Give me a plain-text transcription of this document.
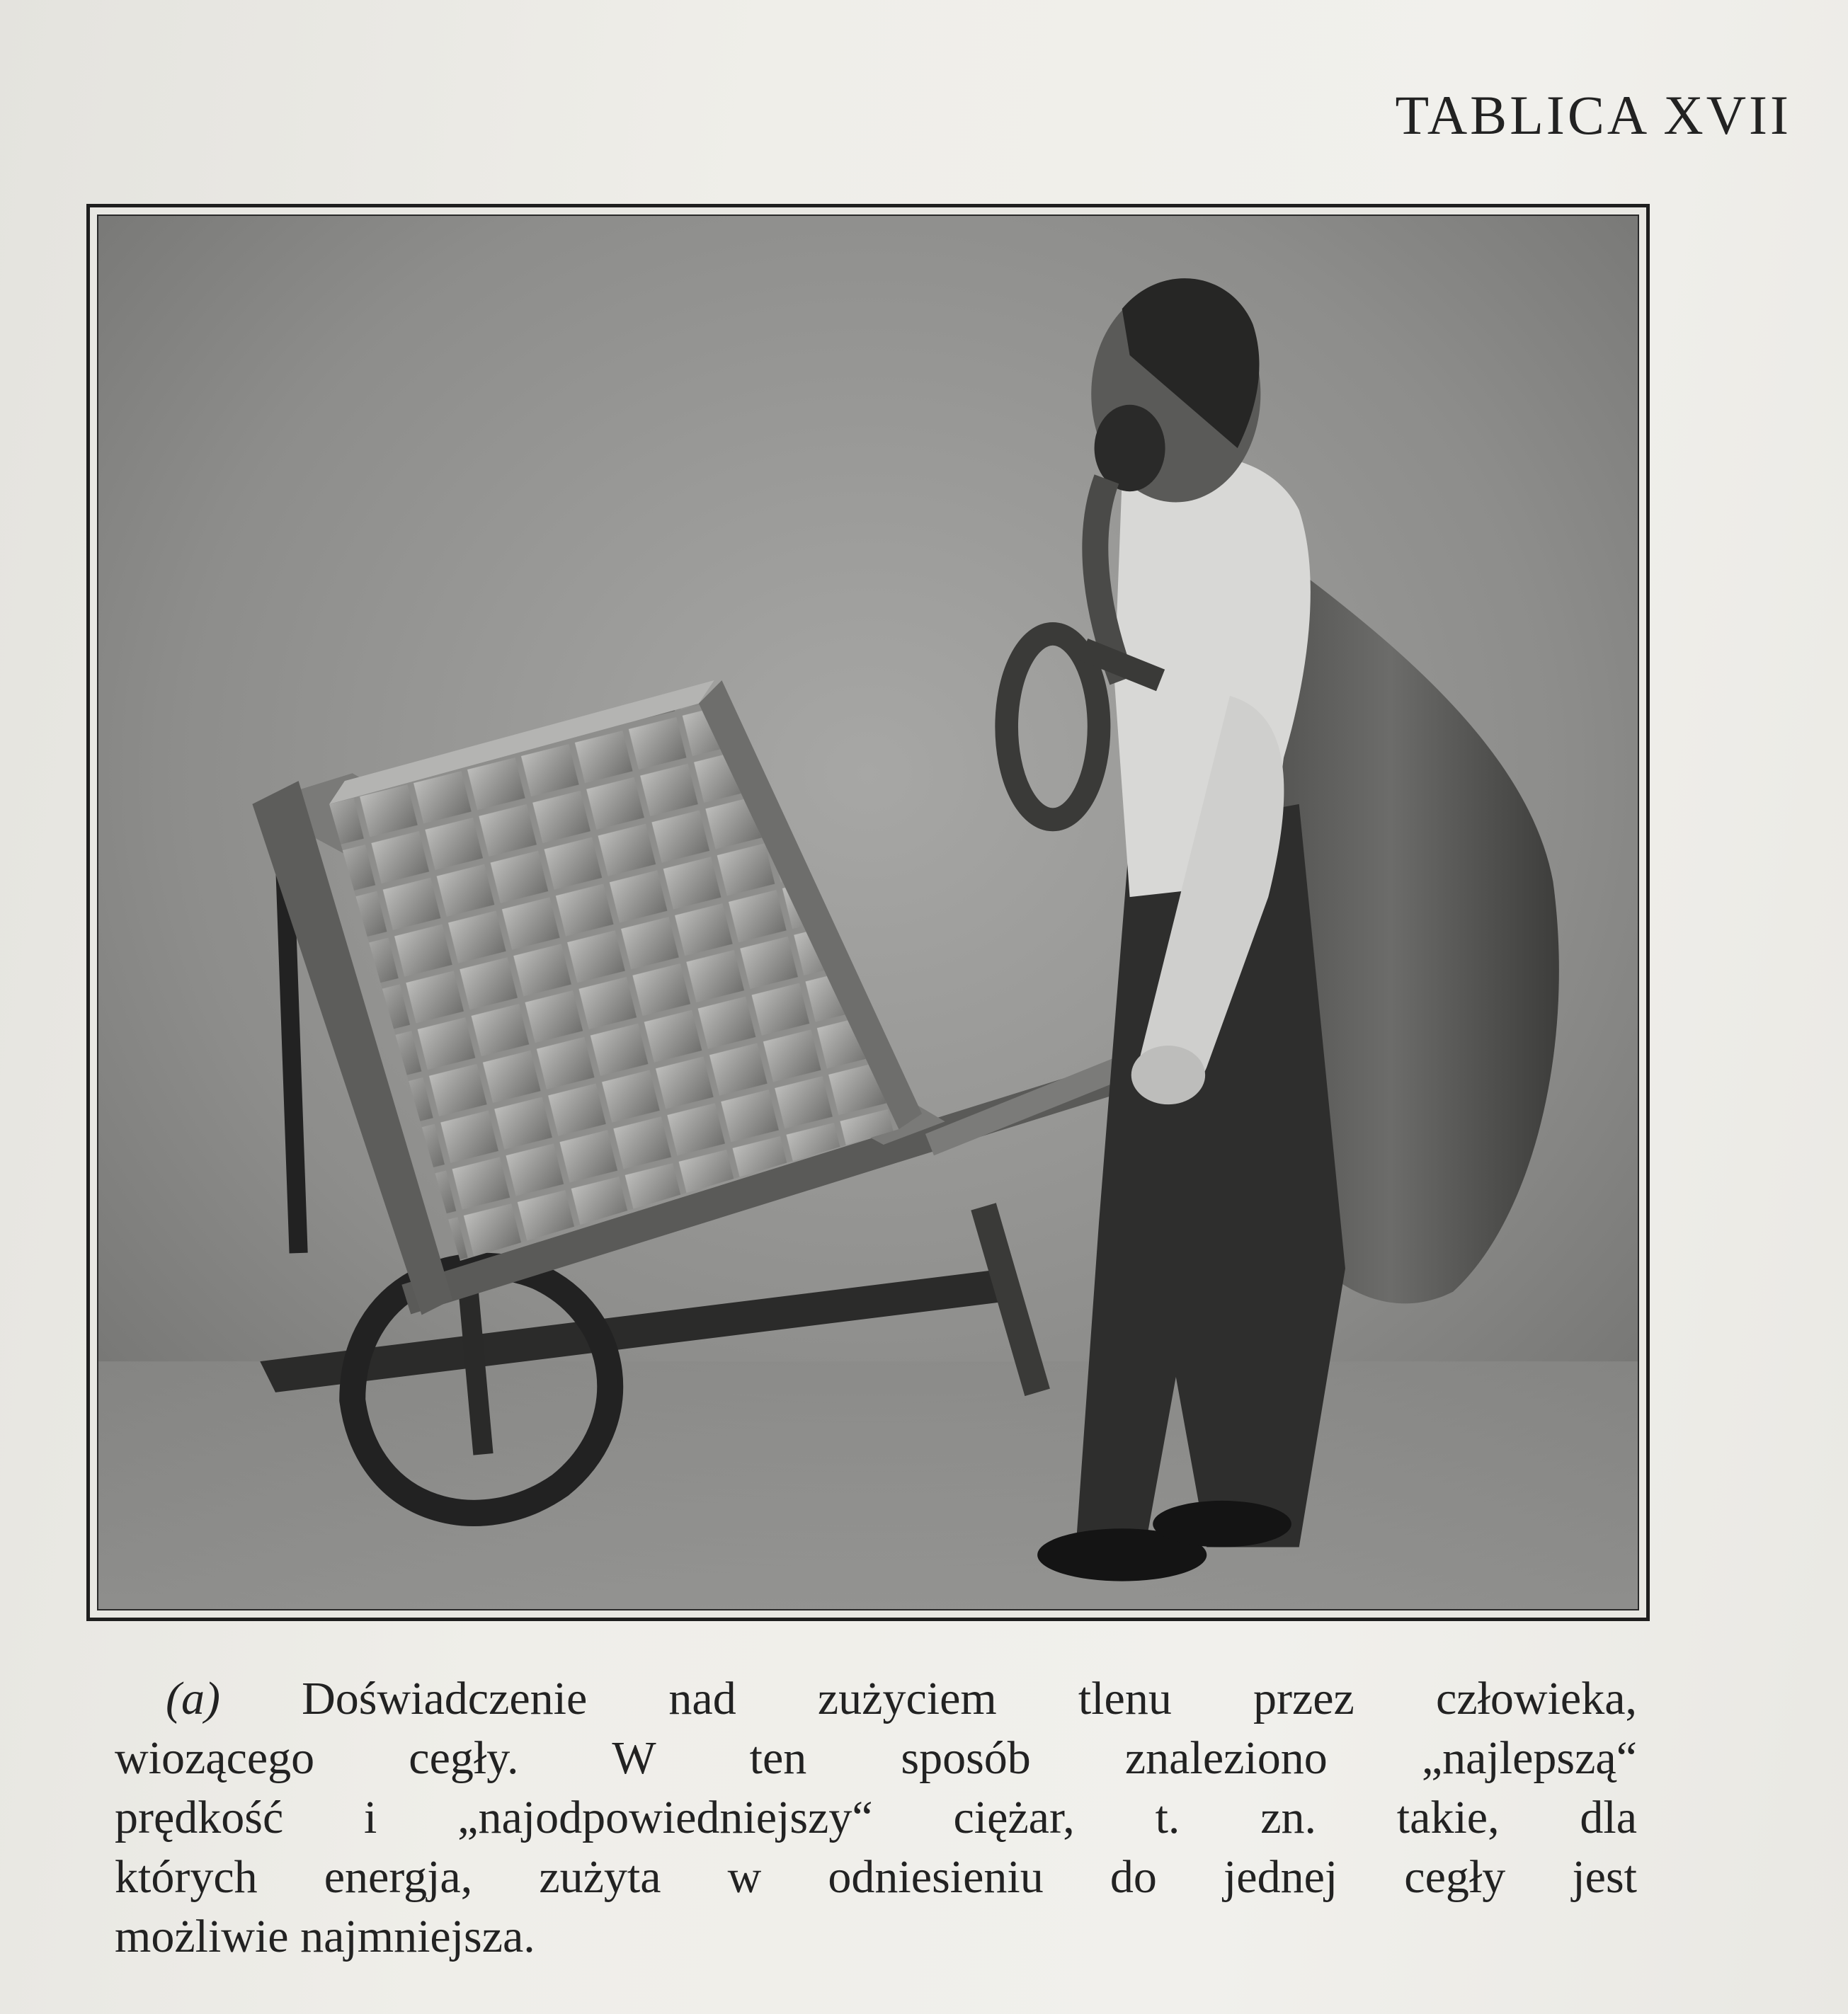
TABLICA XVII
(a) Doświadczenie nad zużyciem tlenu przez człowieka,
wiozącego cegły. W ten sposób znaleziono „najlepszą“
prędkość i „najodpowiedniejszy“ ciężar, t. zn. takie, dla
których energja, zużyta w odniesieniu do jednej cegły jest
możliwie najmniejsza.
